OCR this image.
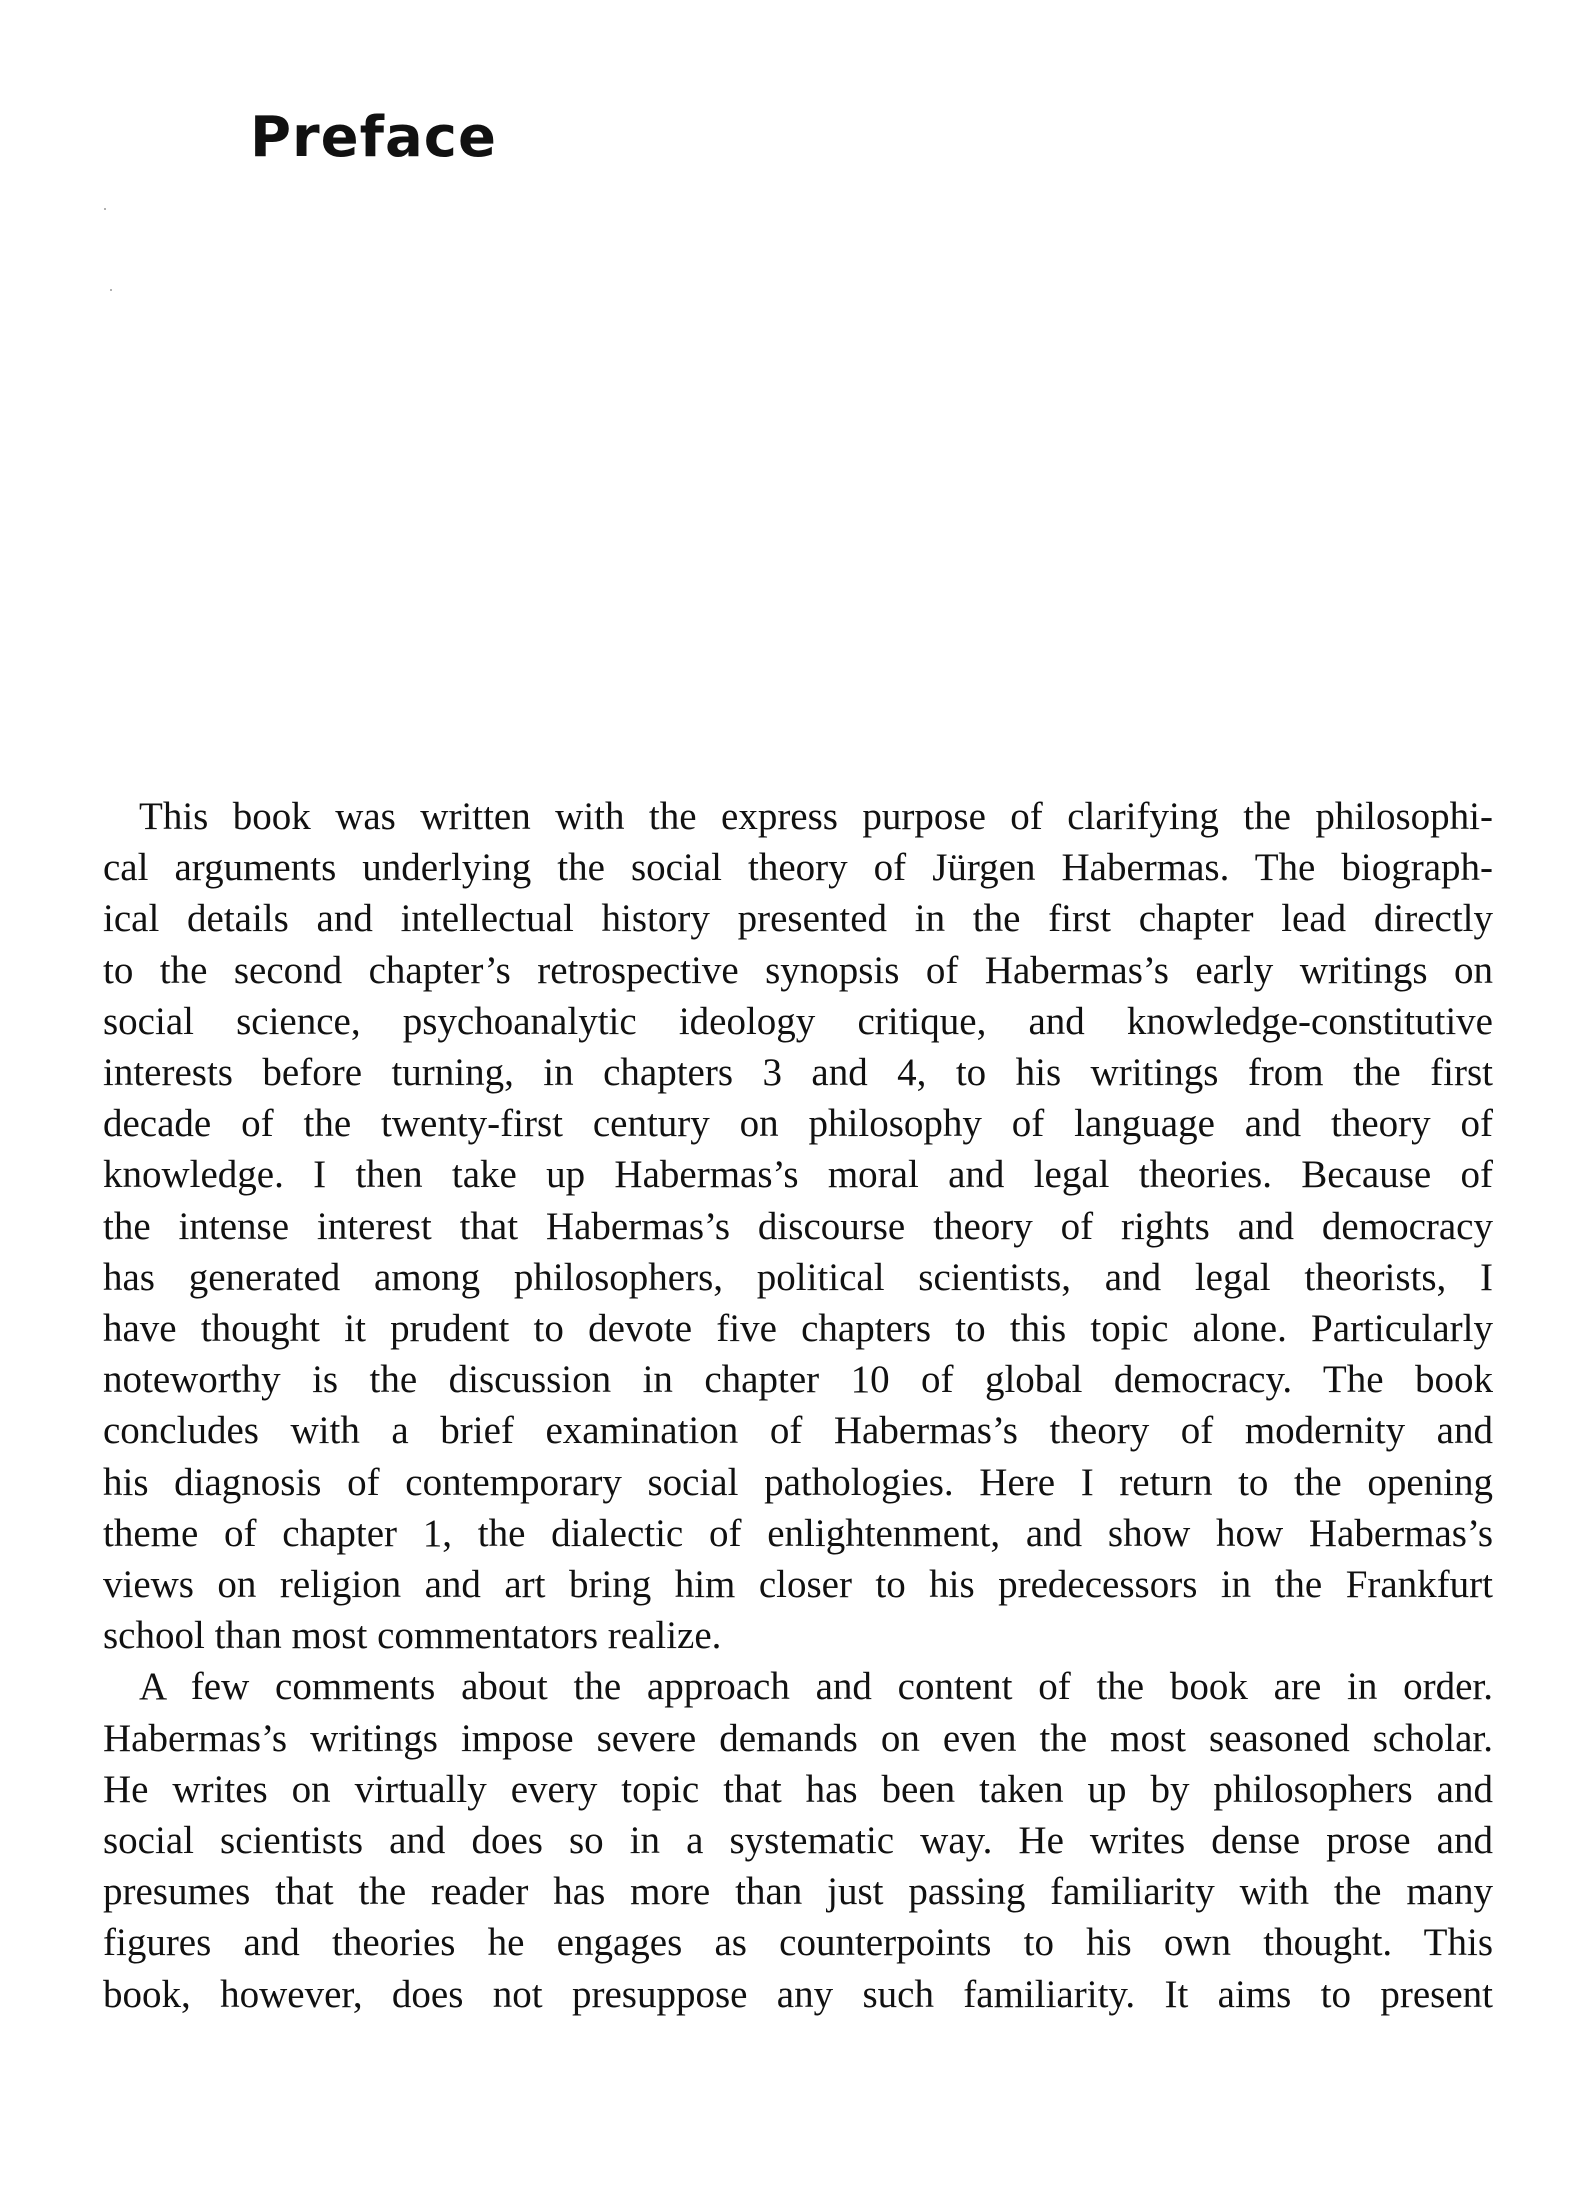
Preface

This book was written with the express purpose of clarifying the philosophi-
cal arguments underlying the social theory of Jürgen Habermas. The biograph-
ical details and intellectual history presented in the first chapter lead directly
to the second chapter’s retrospective synopsis of Habermas’s early writings on
social science, psychoanalytic ideology critique, and knowledge-constitutive
interests before turning, in chapters 3 and 4, to his writings from the first
decade of the twenty-first century on philosophy of language and theory of
knowledge. I then take up Habermas’s moral and legal theories. Because of
the intense interest that Habermas’s discourse theory of rights and democracy
has generated among philosophers, political scientists, and legal theorists, I
have thought it prudent to devote five chapters to this topic alone. Particularly
noteworthy is the discussion in chapter 10 of global democracy. The book
concludes with a brief examination of Habermas’s theory of modernity and
his diagnosis of contemporary social pathologies. Here I return to the opening
theme of chapter 1, the dialectic of enlightenment, and show how Habermas’s
views on religion and art bring him closer to his predecessors in the Frankfurt
school than most commentators realize.

A few comments about the approach and content of the book are in order.
Habermas’s writings impose severe demands on even the most seasoned scholar.
He writes on virtually every topic that has been taken up by philosophers and
social scientists and does so in a systematic way. He writes dense prose and
presumes that the reader has more than just passing familiarity with the many
figures and theories he engages as counterpoints to his own thought. This
book, however, does not presuppose any such familiarity. It aims to present
